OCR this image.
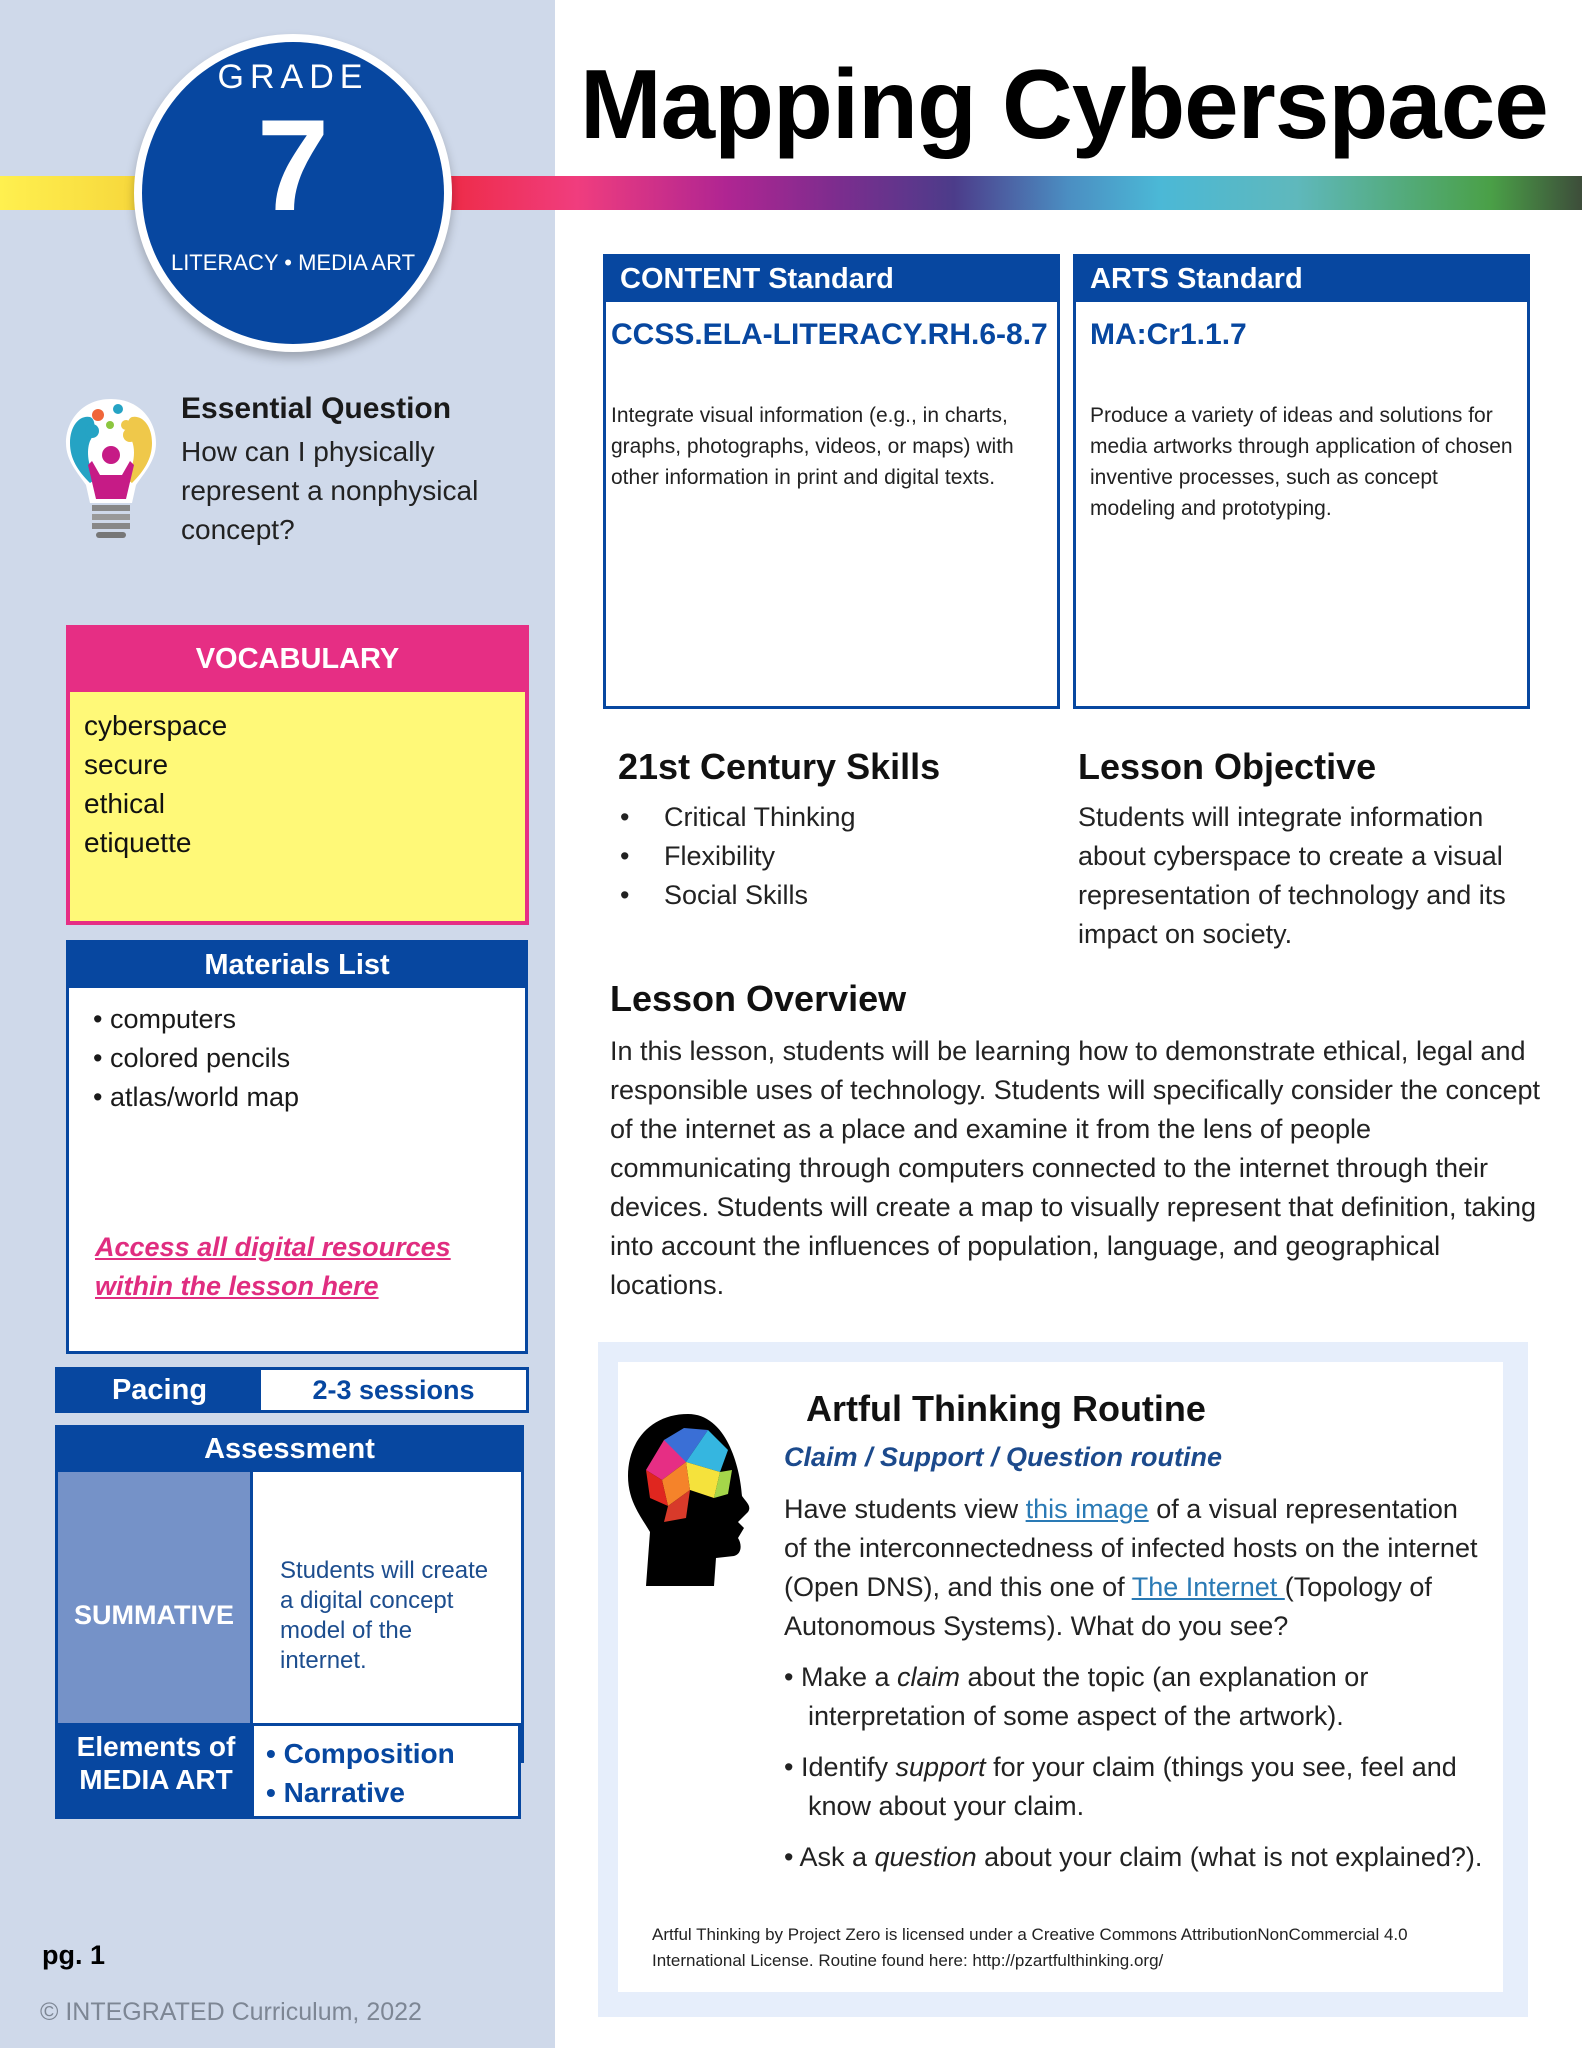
GRADE
7
LITERACY • MEDIA ART
Mapping Cyberspace
Essential Question
How can I physically represent a nonphysical concept?
VOCABULARY
cyberspace
secure
ethical
etiquette
Materials List
• computers
• colored pencils
• atlas/world map
Access all digital resources within the lesson here
Pacing	2-3 sessions
Assessment
SUMMATIVE
Students will create a digital concept model of the internet.
Elements of MEDIA ART
• Composition
• Narrative
pg. 1
© INTEGRATED Curriculum, 2022
CONTENT Standard
CCSS.ELA-LITERACY.RH.6-8.7
Integrate visual information (e.g., in charts, graphs, photographs, videos, or maps) with other information in print and digital texts.
ARTS Standard
MA:Cr1.1.7
Produce a variety of ideas and solutions for media artworks through application of chosen inventive processes, such as concept modeling and prototyping.
21st Century Skills
•	Critical Thinking
•	Flexibility
•	Social Skills
Lesson Objective

Students will integrate information about cyberspace to create a visual representation of technology and its impact on society.

Lesson Overview

In this lesson, students will be learning how to demonstrate ethical, legal and responsible uses of technology. Students will specifically consider the concept of the internet as a place and examine it from the lens of people communicating through computers connected to the internet through their devices. Students will create a map to visually represent that definition, taking into account the influences of population, language, and geographical locations.

Artful Thinking Routine
Claim / Support / Question routine

Have students view this image of a visual representation of the interconnectedness of infected hosts on the internet (Open DNS), and this one of The Internet (Topology of Autonomous Systems). What do you see?

• Make a claim about the topic (an explanation or interpretation of some aspect of the artwork).
• Identify support for your claim (things you see, feel and know about your claim.
• Ask a question about your claim (what is not explained?).
Artful Thinking by Project Zero is licensed under a Creative Commons AttributionNonCommercial 4.0 International License. Routine found here: http://pzartfulthinking.org/
